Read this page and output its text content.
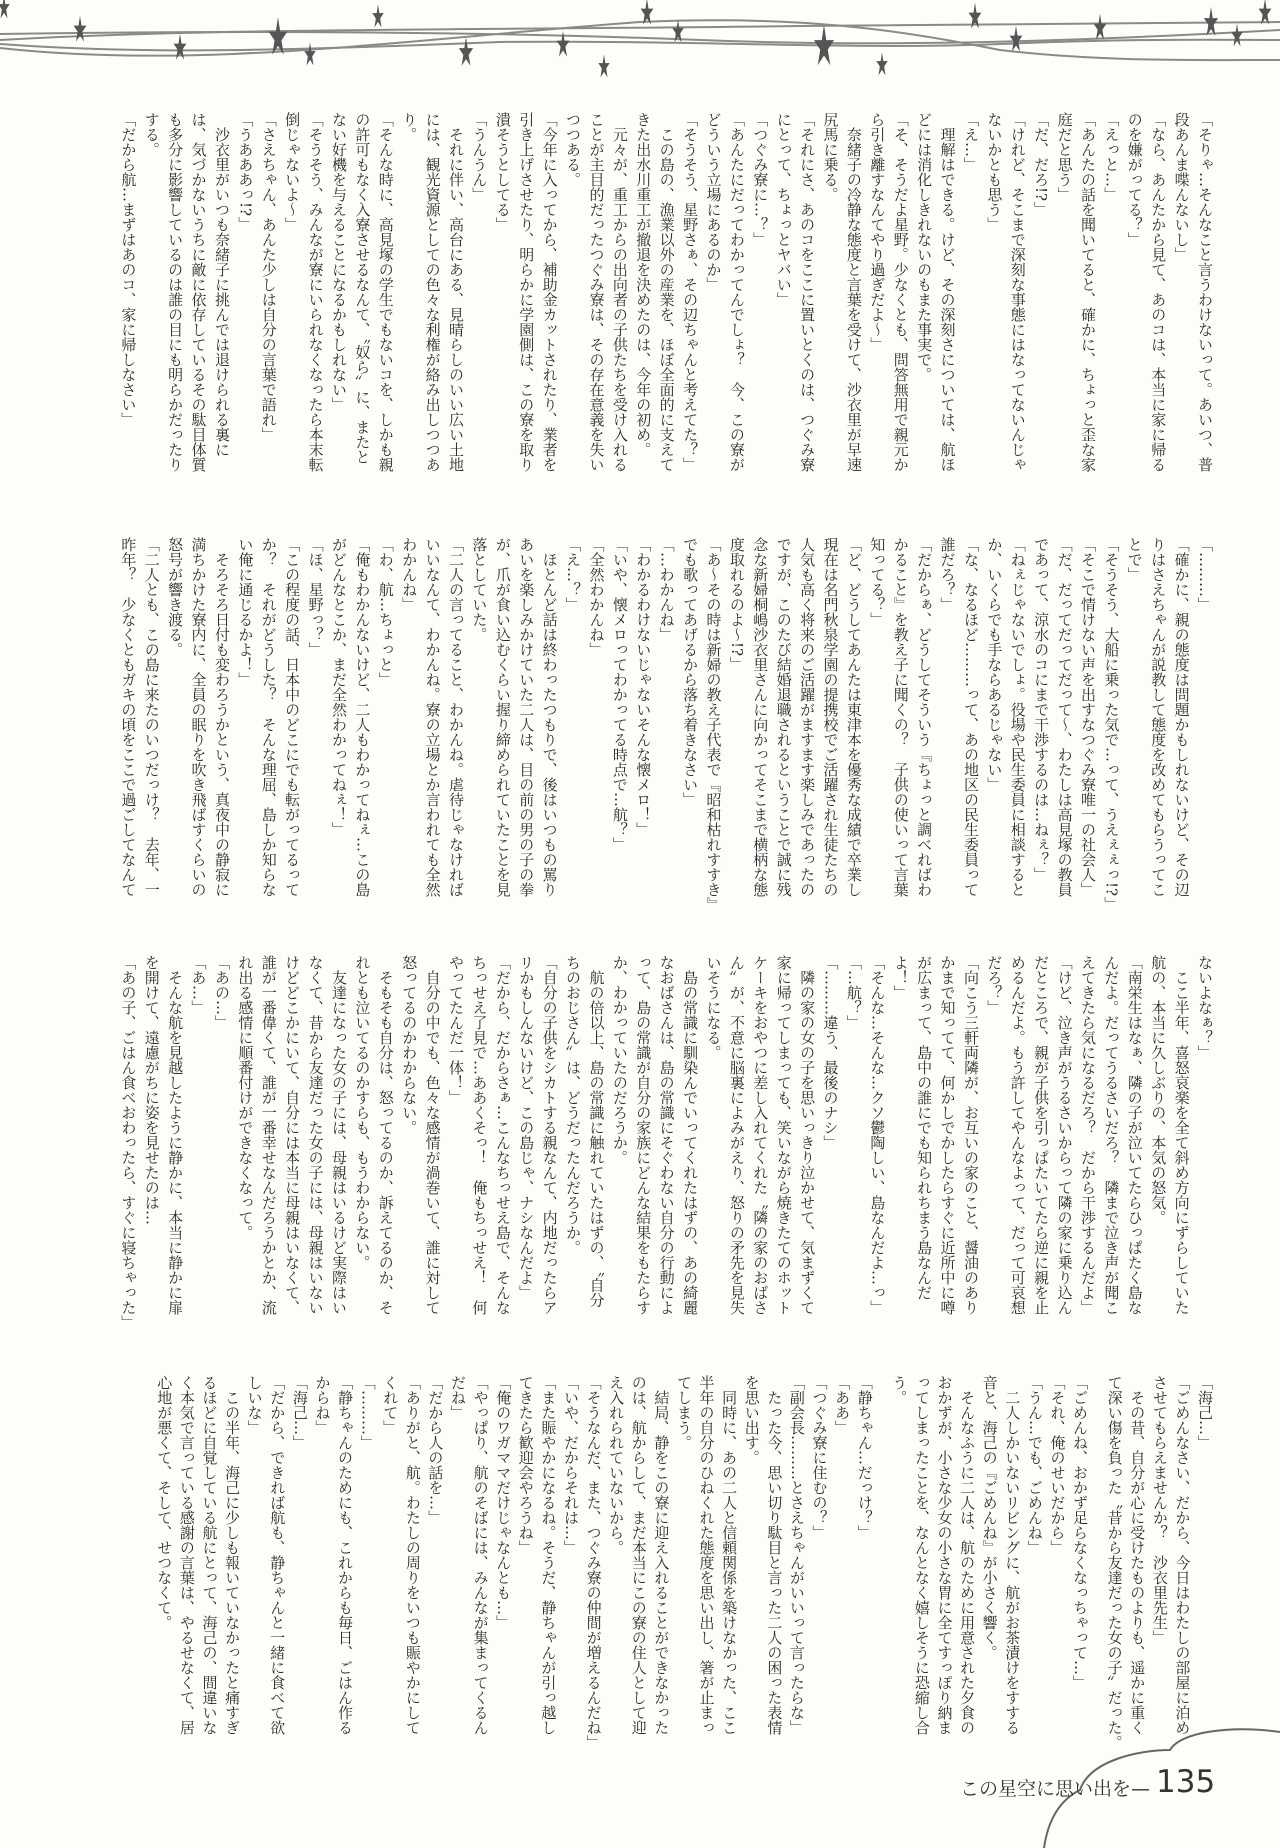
「そりゃ…そんなこと言うわけないって。あいつ、普
段あんま喋んないし」
「なら、あんたから見て、あのコは、本当に家に帰る
のを嫌がってる？」
「えっと…」
「あんたの話を聞いてると、確かに、ちょっと歪な家
庭だと思う」
「だ、だろ!?」
「けれど、そこまで深刻な事態にはなってないんじゃ
ないかとも思う」
「え…」
　理解はできる。けど、その深刻さについては、航ほ
どには消化しきれないのもまた事実で。
「そ、そうだよ星野。少なくとも、問答無用で親元か
ら引き離すなんてやり過ぎだよ～」
　奈緒子の冷静な態度と言葉を受けて、沙衣里が早速
尻馬に乗る。
「それにさ、あのコをここに置いとくのは、つぐみ寮
にとって、ちょっとヤバい」
「つぐみ寮に…？」
「あんたにだってわかってんでしょ？　今、この寮が
どういう立場にあるのか」
「そうそう、星野さぁ、その辺ちゃんと考えてた？」
　この島の、漁業以外の産業を、ほぼ全面的に支えて
きた出水川重工が撤退を決めたのは、今年の初め。
　元々が、重工からの出向者の子供たちを受け入れる
ことが主目的だったつぐみ寮は、その存在意義を失い
つつある。
「今年に入ってから、補助金カットされたり、業者を
引き上げさせたり、明らかに学園側は、この寮を取り
潰そうとしてる」
「うんうん」
　それに伴い、高台にある、見晴らしのいい広い土地
には、観光資源としての色々な利権が絡み出しつつあ
り。
「そんな時に、高見塚の学生でもないコを、しかも親
の許可もなく入寮させるなんて、〝奴ら〟に、またと
ない好機を与えることになるかもしれない」
「そうそう、みんなが寮にいられなくなったら本末転
倒じゃないよ～」
「さえちゃん、あんた少しは自分の言葉で語れ」
「うあああっ!?」
　沙衣里がいつも奈緒子に挑んでは退けられる裏に
は、気づかないうちに敵に依存しているその駄目体質
も多分に影響しているのは誰の目にも明らかだったり
する。
「だから航…まずはあのコ、家に帰しなさい」
「………」
「確かに、親の態度は問題かもしれないけど、その辺
りはさえちゃんが説教して態度を改めてもらうってこ
とで」
「そうそう、大船に乗った気で…って、うえぇぇっ!?」
「そこで情けない声を出すなつぐみ寮唯一の社会人」
「だ、だってだってだって～、わたしは高見塚の教員
であって、涼水のコにまで干渉するのは…ねぇ？」
「ねぇじゃないでしょ。役場や民生委員に相談すると
か、いくらでも手ならあるじゃない」
「な、なるほど………って、あの地区の民生委員って
誰だろ？」
「だからぁ、どうしてそういう『ちょっと調べればわ
かること』を教え子に聞くの？　子供の使いって言葉
知ってる？」
「ど、どうしてあんたは東津本を優秀な成績で卒業し
現在は名門秋泉学園の提携校でご活躍され生徒たちの
人気も高く将来のご活躍がますます楽しみであったの
ですが、このたび結婚退職されるということで誠に残
念な新婦桐嶋沙衣里さんに向かってそこまで横柄な態
度取れるのよ～!?」
「あ～その時は新婦の教え子代表で『昭和枯れすすき』
でも歌ってあげるから落ち着きなさい」
「…わかんね」
「わかるわけないじゃないそんな懐メロ！」
「いや、懐メロってわかってる時点で…航？」
「全然わかんね」
「え…？」
　ほとんど話は終わったつもりで、後はいつもの罵り
あいを楽しみかけていた二人は、目の前の男の子の拳
が、爪が食い込むくらい握り締められていたことを見
落としていた。
「二人の言ってること、わかんね。虐待じゃなければ
いいなんて、わかんね。寮の立場とか言われても全然
わかんね」
「わ、航…ちょっと」
「俺もわかんないけど、二人もわかってねぇ…この島
がどんなとこか、まだ全然わかってねぇ！」
「ほ、星野っ？」
「この程度の話、日本中のどこにでも転がってるって
か？　それがどうした？　そんな理屈、島しか知らな
い俺に通じるかよ！」
　そろそろ日付も変わろうかという、真夜中の静寂に
満ちかけた寮内に、全員の眠りを吹き飛ばすくらいの
怒号が響き渡る。
「二人とも、この島に来たのいつだっけ？　去年、一
昨年？　少なくともガキの頃をここで過ごしてなんて
ないよなぁ？」
　ここ半年、喜怒哀楽を全て斜め方向にずらしていた
航の、本当に久しぶりの、本気の怒気。
「南栄生はなぁ、隣の子が泣いてたらひっぱたく島な
んだよ。だってうるさいだろ？　隣まで泣き声が聞こ
えてきたら気になるだろ？　だから干渉するんだよ」
「けど、泣き声がうるさいからって隣の家に乗り込ん
だところで、親が子供を引っぱたいてたら逆に親を止
めるんだよ。もう許してやんなよって、だって可哀想
だろ？」
「向こう三軒両隣が、お互いの家のこと、醤油のあり
かまで知ってて、何かしでかしたらすぐに近所中に噂
が広まって、島中の誰にでも知られちまう島なんだ
よ！」
「そんな…そんな…クソ鬱陶しい、島なんだよ…っ」
「…航？」
「………違う、最後のナシ」
　隣の家の女の子を思いっきり泣かせて、気まずくて
家に帰ってしまっても、笑いながら焼きたてのホット
ケーキをおやつに差し入れてくれた〝隣の家のおばさ
ん〟が、不意に脳裏によみがえり、怒りの矛先を見失
いそうになる。
　島の常識に馴染んでいってくれたはずの、あの綺麗
なおばさんは、島の常識にそぐわない自分の行動によ
って、島の常識が自分の家族にどんな結果をもたらす
か、わかっていたのだろうか。
　航の倍以上、島の常識に触れていたはずの、〝自分
ちのおじさん〟は、どうだったんだろうか。
「自分の子供をシカトする親なんて、内地だったらア
リかもしんないけど、この島じゃ、ナシなんだよ」
「だから、だからさぁ…こんなちっせえ島で、そんな
ちっせえ了見で…ああくそっ！　俺もちっせえ！　何
やってたんだ一体！」
　自分の中でも、色々な感情が渦巻いて、誰に対して
怒ってるのかわからない。
　そもそも自分は、怒ってるのか、訴えてるのか、そ
れとも泣いてるのかすらも、もうわからない。
　友達になった女の子には、母親はいるけど実際はい
なくて、昔から友達だった女の子には、母親はいない
けどどこかにいて、自分には本当に母親はいなくて、
誰が一番偉くて、誰が一番幸せなんだろうかとか、流
れ出る感情に順番付けができなくなって。
「あの…」
「あ…」
　そんな航を見越したように静かに、本当に静かに扉
を開けて、遠慮がちに姿を見せたのは…
「あの子、ごはん食べおわったら、すぐに寝ちゃった」
「海己…」
「ごめんなさい、だから、今日はわたしの部屋に泊め
させてもらえませんか？　沙衣里先生」
　その昔、自分が心に受けたものよりも、遥かに重く
て深い傷を負った〝昔から友達だった女の子〟だった。
「ごめんね、おかず足らなくなっちゃって…」
「それ、俺のせいだから」
「うん…でも、ごめんね」
　二人しかいないリビングに、航がお茶漬けをすする
音と、海己の『ごめんね』が小さく響く。
　そんなふうに二人は、航のために用意された夕食の
おかずが、小さな少女の小さな胃に全てすっぽり納ま
ってしまったことを、なんとなく嬉しそうに恐縮し合
う。
「静ちゃん…だっけ？」
「ああ」
「つぐみ寮に住むの？」
「副会長………とさえちゃんがいいって言ったらな」
　たった今、思い切り駄目と言った二人の困った表情
を思い出す。
　同時に、あの二人と信頼関係を築けなかった、ここ
半年の自分のひねくれた態度を思い出し、箸が止まっ
てしまう。
　結局、静をこの寮に迎え入れることができなかった
のは、航からして、まだ本当にこの寮の住人として迎
え入れられていないから。
「そうなんだ、また、つぐみ寮の仲間が増えるんだね」
「いや、だからそれは…」
「また賑やかになるね。そうだ、静ちゃんが引っ越し
てきたら歓迎会やろうね」
「俺のワガママだけじゃなんとも…」
「やっぱり、航のそばには、みんなが集まってくるん
だね」
「だから人の話を…」
「ありがと、航。わたしの周りをいつも賑やかにして
くれて」
「………」
「静ちゃんのためにも、これからも毎日、ごはん作る
からね」
「海己…」
「だから、できれば航も、静ちゃんと一緒に食べて欲
しいな」
　この半年、海己に少しも報いていなかったと痛すぎ
るほどに自覚している航にとって、海己の、間違いな
く本気で言っている感謝の言葉は、やるせなくて、居
心地が悪くて、そして、せつなくて。
この星空に思い出を— 135
